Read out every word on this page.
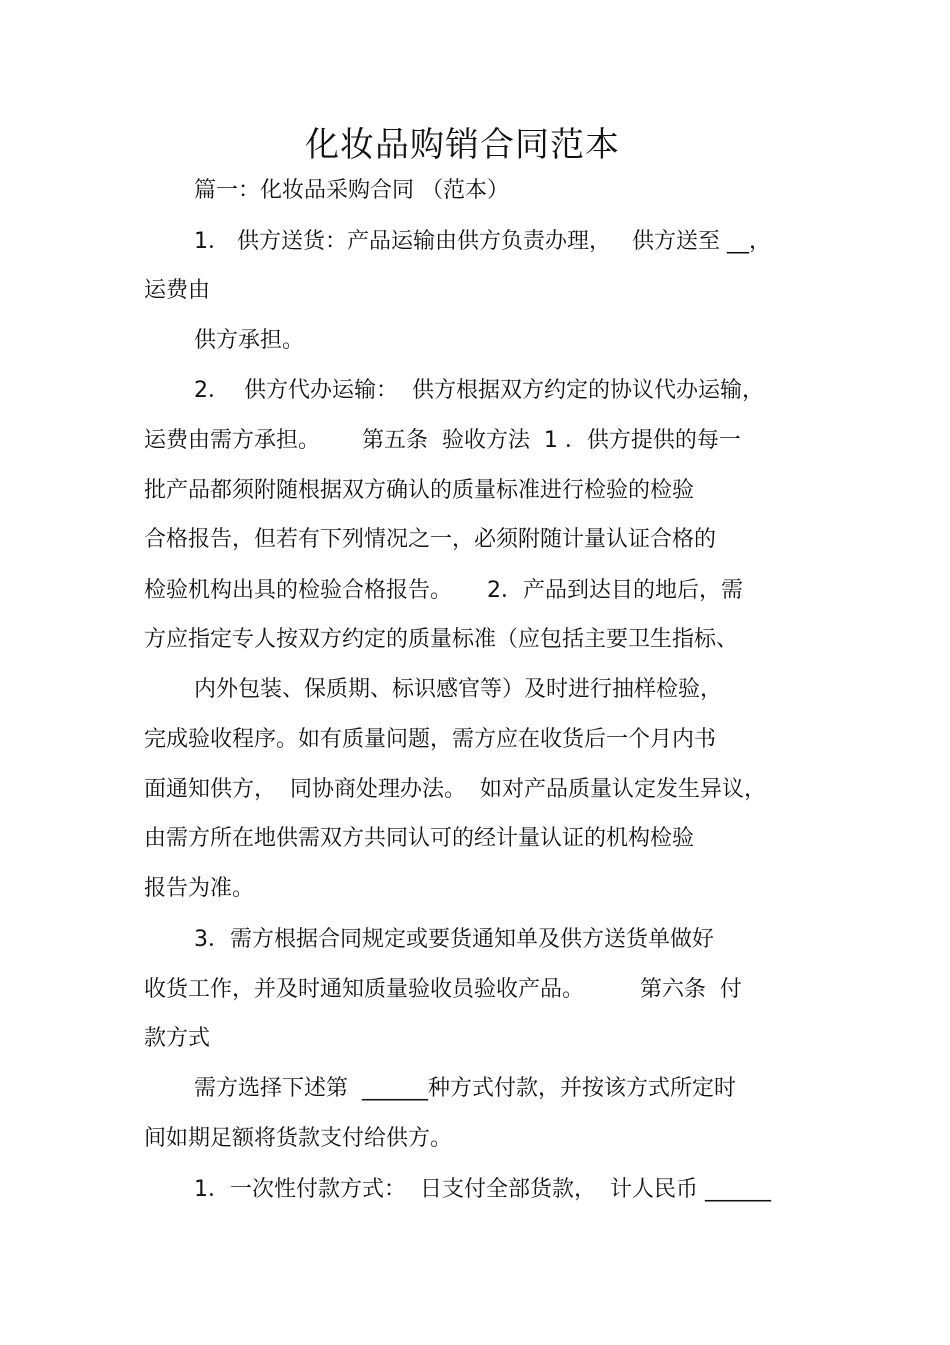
化妆品购销合同范本

篇一：化妆品采购合同 （范本）

1． 供方送货：产品运输由供方负责办理，   供方送至 __，

运费由

供方承担。

2．  供方代办运输：  供方根据双方约定的协议代办运输，

运费由需方承担。      第五条  验收方法  1 ．供方提供的每一

批产品都须附随根据双方确认的质量标准进行检验的检验

合格报告，但若有下列情况之一，必须附随计量认证合格的

检验机构出具的检验合格报告。     2．产品到达目的地后，需

方应指定专人按双方约定的质量标准（应包括主要卫生指标、

内外包装、保质期、标识感官等）及时进行抽样检验，

完成验收程序。如有质量问题，需方应在收货后一个月内书

面通知供方，  同协商处理办法。  如对产品质量认定发生异议，

由需方所在地供需双方共同认可的经计量认证的机构检验

报告为准。

3．需方根据合同规定或要货通知单及供方送货单做好

收货工作，并及时通知质量验收员验收产品。        第六条  付

款方式

需方选择下述第  ______种方式付款，并按该方式所定时

间如期足额将货款支付给供方。

1．一次性付款方式：  日支付全部货款，  计人民币 ______
